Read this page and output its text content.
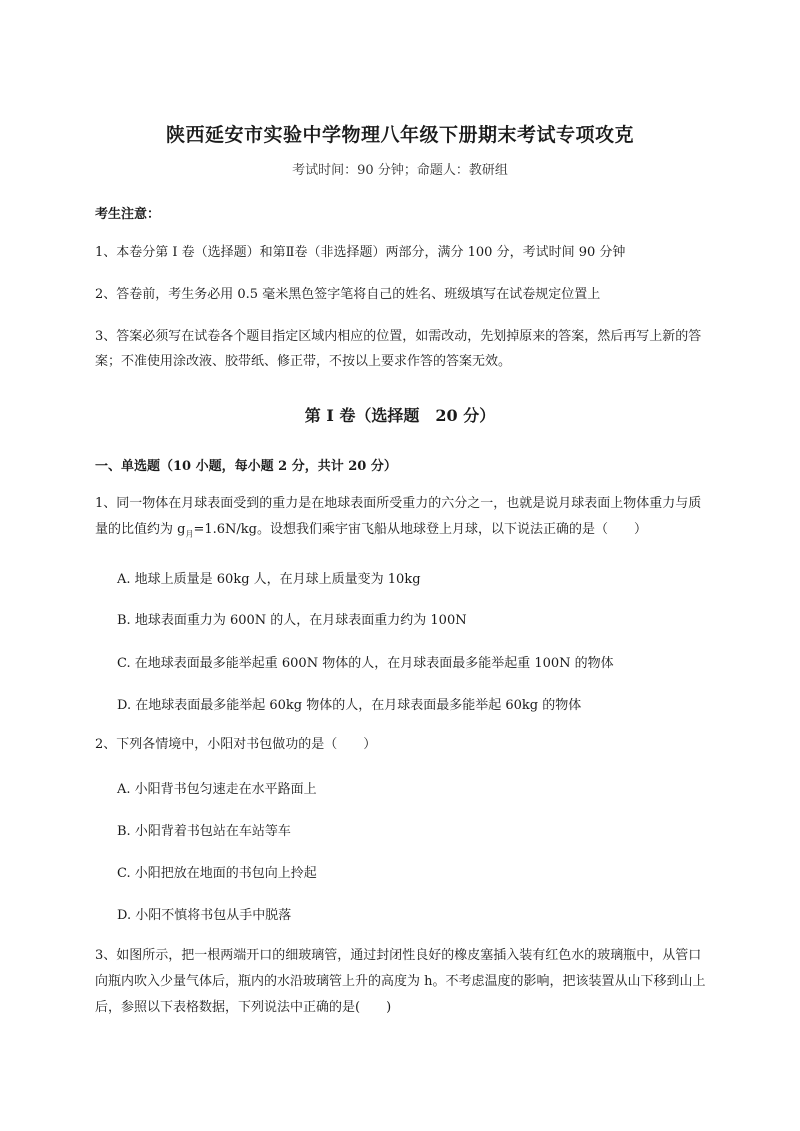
陕西延安市实验中学物理八年级下册期末考试专项攻克
考试时间：90 分钟；命题人：教研组
考生注意：
1、本卷分第 I 卷（选择题）和第Ⅱ卷（非选择题）两部分，满分 100 分，考试时间 90 分钟
2、答卷前，考生务必用 0.5 毫米黑色签字笔将自己的姓名、班级填写在试卷规定位置上
3、答案必须写在试卷各个题目指定区域内相应的位置，如需改动，先划掉原来的答案，然后再写上新的答案；不准使用涂改液、胶带纸、修正带，不按以上要求作答的答案无效。
第 I 卷（选择题　20 分）
一、单选题（10 小题，每小题 2 分，共计 20 分）
1、同一物体在月球表面受到的重力是在地球表面所受重力的六分之一，也就是说月球表面上物体重力与质量的比值约为 $g_月=1.6N/kg$。设想我们乘宇宙飞船从地球登上月球，以下说法正确的是（　　）
A. 地球上质量是 60kg 人，在月球上质量变为 10kg
B. 地球表面重力为 600N 的人，在月球表面重力约为 100N
C. 在地球表面最多能举起重 600N 物体的人，在月球表面最多能举起重 100N 的物体
D. 在地球表面最多能举起 60kg 物体的人，在月球表面最多能举起 60kg 的物体
2、下列各情境中，小阳对书包做功的是（　　）
A. 小阳背书包匀速走在水平路面上
B. 小阳背着书包站在车站等车
C. 小阳把放在地面的书包向上拎起
D. 小阳不慎将书包从手中脱落
3、如图所示，把一根两端开口的细玻璃管，通过封闭性良好的橡皮塞插入装有红色水的玻璃瓶中，从管口向瓶内吹入少量气体后，瓶内的水沿玻璃管上升的高度为 h。不考虑温度的影响，把该装置从山下移到山上后，参照以下表格数据，下列说法中正确的是(　　)
